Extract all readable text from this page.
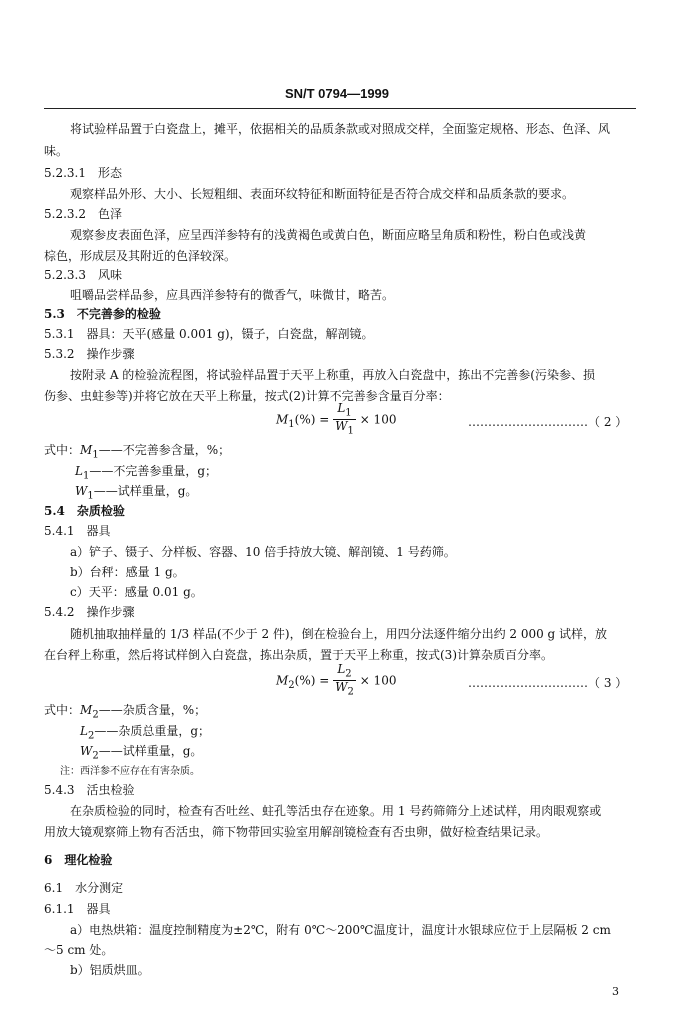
SN/T 0794—1999
将试验样品置于白瓷盘上，摊平，依据相关的品质条款或对照成交样，全面鉴定规格、形态、色泽、风
味。
5.2.3.1　形态
观察样品外形、大小、长短粗细、表面环纹特征和断面特征是否符合成交样和品质条款的要求。
5.2.3.2　色泽
观察参皮表面色泽，应呈西洋参特有的浅黄褐色或黄白色，断面应略呈角质和粉性，粉白色或浅黄
棕色，形成层及其附近的色泽较深。
5.2.3.3　风味
咀嚼品尝样品参，应具西洋参特有的微香气，味微甘，略苦。
5.3　不完善参的检验
5.3.1　器具：天平(感量 0.001 g)，镊子，白瓷盘，解剖镜。
5.3.2　操作步骤
按附录 A 的检验流程图，将试验样品置于天平上称重，再放入白瓷盘中，拣出不完善参(污染参、损
伤参、虫蛀参等)并将它放在天平上称量，按式(2)计算不完善参含量百分率：
$M_1(\%) = \frac{L_1}{W_1} \times 100$	…………………………（ 2 ）
式中：$M_1——$不完善参含量，%；
$L_1——$不完善参重量，g；
$W_1——$试样重量，g。
5.4　杂质检验
5.4.1　器具
a）铲子、镊子、分样板、容器、10 倍手持放大镜、解剖镜、1 号药筛。
b）台秤：感量 1 g。
c）天平：感量 0.01 g。
5.4.2　操作步骤
随机抽取抽样量的 1/3 样品(不少于 2 件)，倒在检验台上，用四分法逐件缩分出约 2 000 g 试样，放
在台秤上称重，然后将试样倒入白瓷盘，拣出杂质，置于天平上称重，按式(3)计算杂质百分率。
$M_2(\%) = \frac{L_2}{W_2} \times 100$	…………………………（ 3 ）
式中：$M_2——$杂质含量，%；
$L_2——$杂质总重量，g；
$W_2——$试样重量，g。
注：西洋参不应存在有害杂质。
5.4.3　活虫检验
在杂质检验的同时，检查有否吐丝、蛀孔等活虫存在迹象。用 1 号药筛筛分上述试样，用肉眼观察或
用放大镜观察筛上物有否活虫，筛下物带回实验室用解剖镜检查有否虫卵，做好检查结果记录。
6　理化检验
6.1　水分测定
6.1.1　器具
a）电热烘箱：温度控制精度为±2℃，附有 0℃～200℃温度计，温度计水银球应位于上层隔板 2 cm
～5 cm 处。
b）铝质烘皿。
3
